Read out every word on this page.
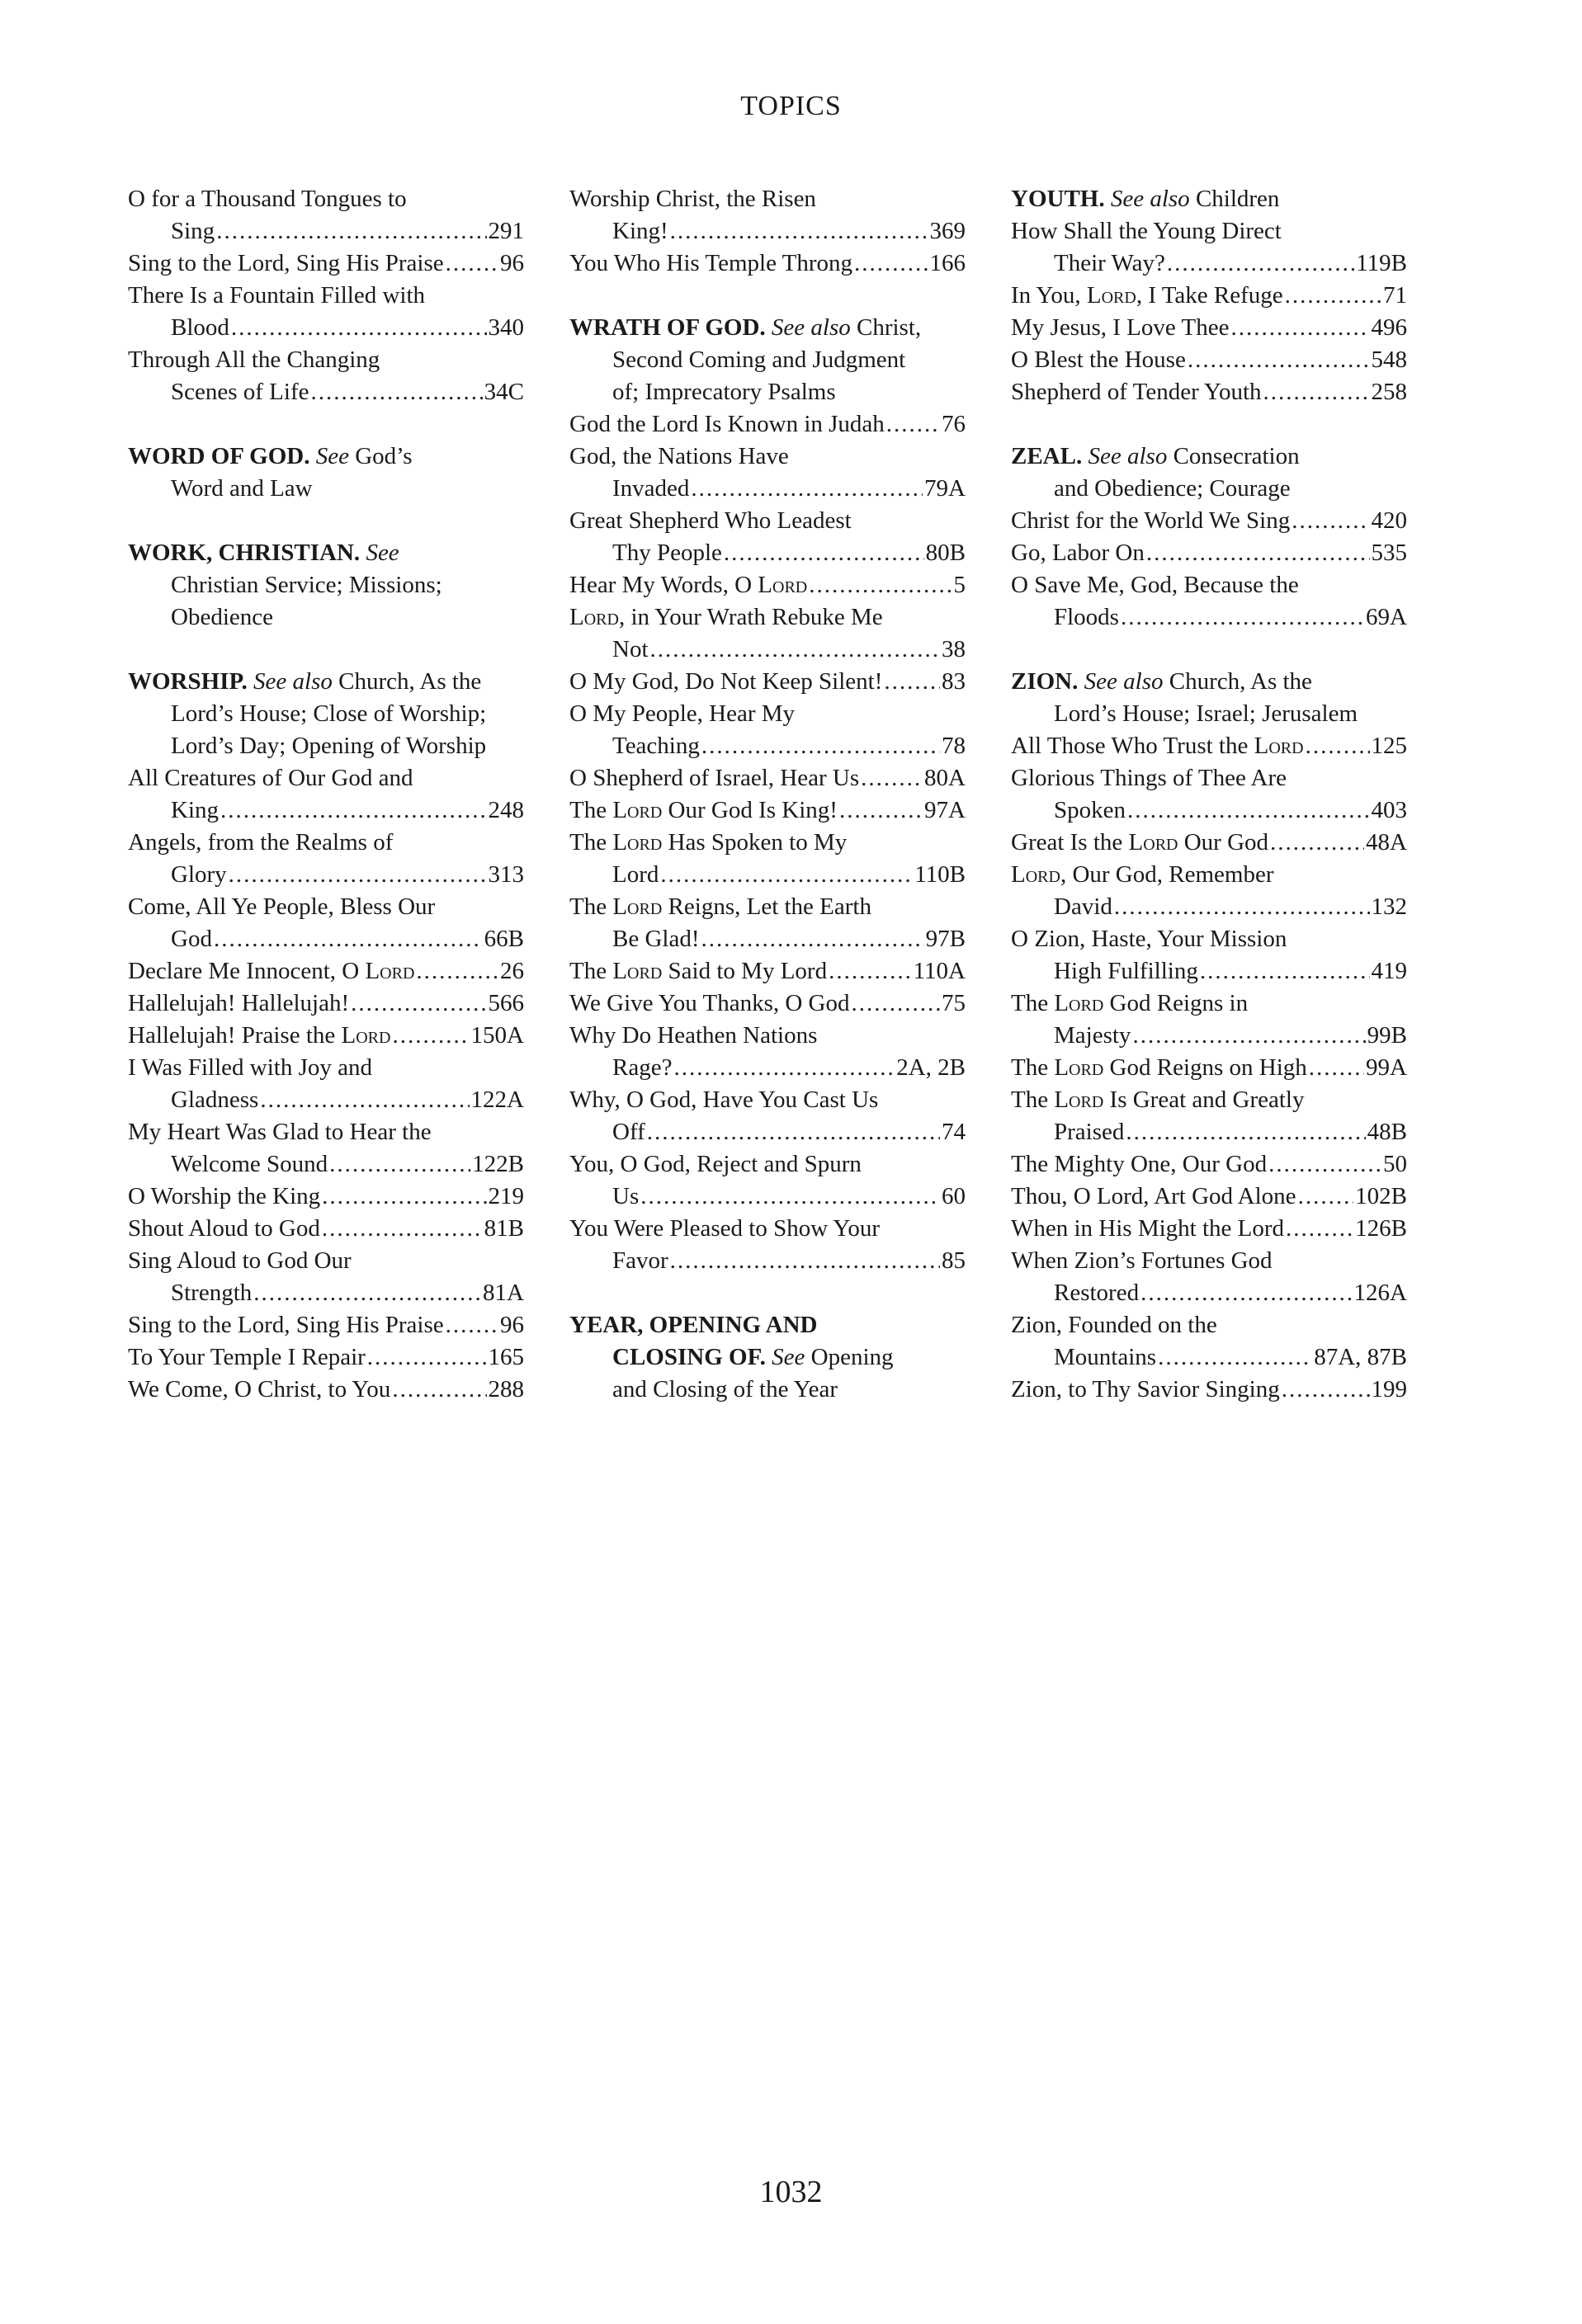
TOPICS
O for a Thousand Tongues to
Sing .....	291
Sing to the Lord, Sing His Praise ..... 96
There Is a Fountain Filled with
Blood .....	340
Through All the Changing
Scenes of Life .....	34C
WORD OF GOD. See God’s
Word and Law
WORK, CHRISTIAN. See
Christian Service; Missions;
Obedience
WORSHIP. See also Church, As the
Lord’s House; Close of Worship;
Lord’s Day; Opening of Worship
All Creatures of Our God and
King .....	248
Angels, from the Realms of
Glory .....	313
Come, All Ye People, Bless Our
God .....	66B
Declare Me Innocent, O Lord .....	26
Hallelujah! Hallelujah! .....	566
Hallelujah! Praise the Lord .....	150A
I Was Filled with Joy and
Gladness .....	122A
My Heart Was Glad to Hear the
Welcome Sound .....	122B
O Worship the King .....	219
Shout Aloud to God .....	81B
Sing Aloud to God Our
Strength .....	81A
Sing to the Lord, Sing His Praise ..... 96
To Your Temple I Repair .....	165
We Come, O Christ, to You .....	288
Worship Christ, the Risen
King! .....	369
You Who His Temple Throng .....	166
WRATH OF GOD. See also Christ,
Second Coming and Judgment
of; Imprecatory Psalms
God the Lord Is Known in Judah ..... 76
God, the Nations Have
Invaded .....	79A
Great Shepherd Who Leadest
Thy People .....	80B
Hear My Words, O Lord .....	5
Lord, in Your Wrath Rebuke Me
Not .....	38
O My God, Do Not Keep Silent! ..... 83
O My People, Hear My
Teaching .....	78
O Shepherd of Israel, Hear Us .....	80A
The Lord Our God Is King! .....	97A
The Lord Has Spoken to My
Lord .....	110B
The Lord Reigns, Let the Earth
Be Glad! .....	97B
The Lord Said to My Lord .....	110A
We Give You Thanks, O God .....	75
Why Do Heathen Nations
Rage? .....	2A, 2B
Why, O God, Have You Cast Us
Off .....	74
You, O God, Reject and Spurn
Us .....	60
You Were Pleased to Show Your
Favor .....	85
YEAR, OPENING AND
CLOSING OF. See Opening
and Closing of the Year
YOUTH. See also Children
How Shall the Young Direct
Their Way? .....	119B
In You, Lord, I Take Refuge .....	71
My Jesus, I Love Thee .....	496
O Blest the House .....	548
Shepherd of Tender Youth .....	258
ZEAL. See also Consecration
and Obedience; Courage
Christ for the World We Sing .....	420
Go, Labor On .....	535
O Save Me, God, Because the
Floods .....	69A
ZION. See also Church, As the
Lord’s House; Israel; Jerusalem
All Those Who Trust the Lord .....	125
Glorious Things of Thee Are
Spoken .....	403
Great Is the Lord Our God .....	48A
Lord, Our God, Remember
David .....	132
O Zion, Haste, Your Mission
High Fulfilling .....	419
The Lord God Reigns in
Majesty .....	99B
The Lord God Reigns on High ..... 99A
The Lord Is Great and Greatly
Praised .....	48B
The Mighty One, Our God .....	50
Thou, O Lord, Art God Alone ..... 102B
When in His Might the Lord .....	126B
When Zion’s Fortunes God
Restored .....	126A
Zion, Founded on the
Mountains .....	87A, 87B
Zion, to Thy Savior Singing .....	199
1032
